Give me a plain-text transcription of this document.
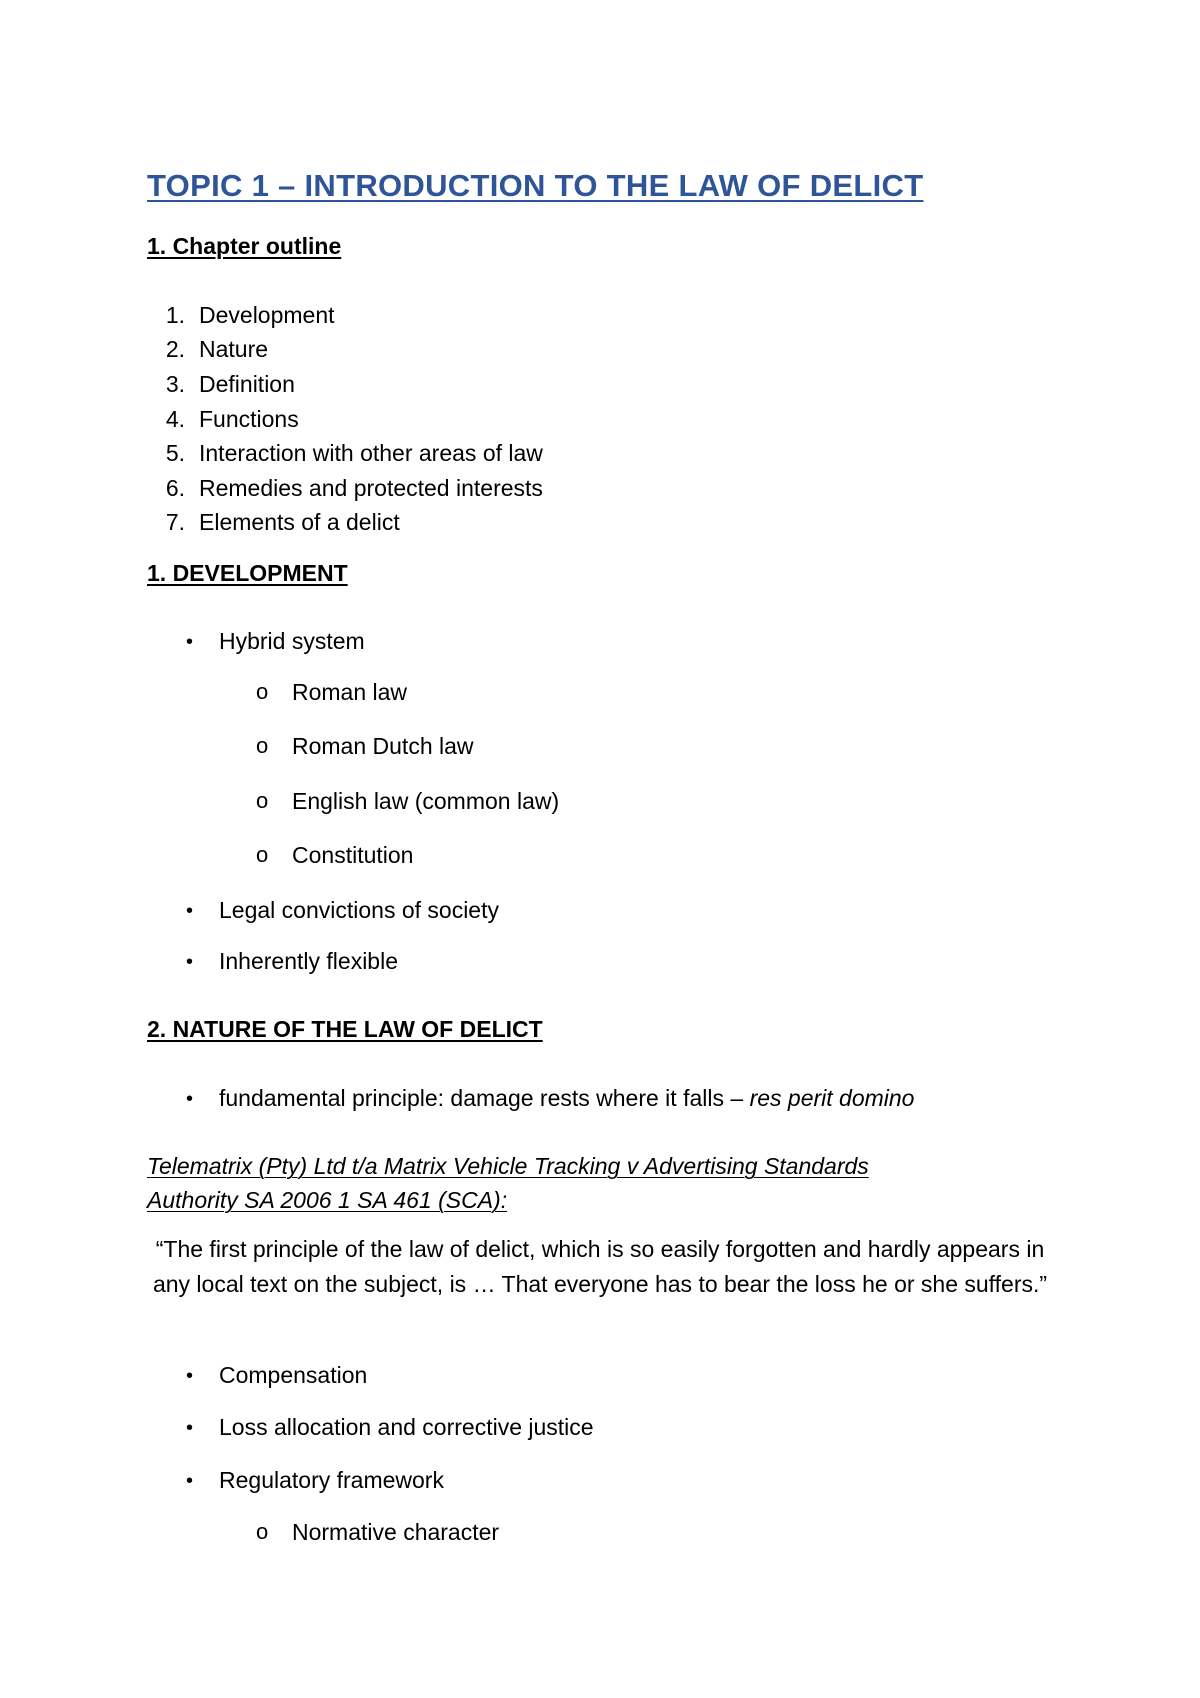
TOPIC 1 – INTRODUCTION TO THE LAW OF DELICT
1. Chapter outline
1. Development
2. Nature
3. Definition
4. Functions
5. Interaction with other areas of law
6. Remedies and protected interests
7. Elements of a delict
1. DEVELOPMENT
• Hybrid system
o Roman law
o Roman Dutch law
o English law (common law)
o Constitution
• Legal convictions of society
• Inherently flexible
2. NATURE OF THE LAW OF DELICT
• fundamental principle: damage rests where it falls – res perit domino
Telematrix (Pty) Ltd t/a Matrix Vehicle Tracking v Advertising Standards
Authority SA 2006 1 SA 461 (SCA):
“The first principle of the law of delict, which is so easily forgotten and hardly appears in any local text on the subject, is … That everyone has to bear the loss he or she suffers.”
• Compensation
• Loss allocation and corrective justice
• Regulatory framework
o Normative character
